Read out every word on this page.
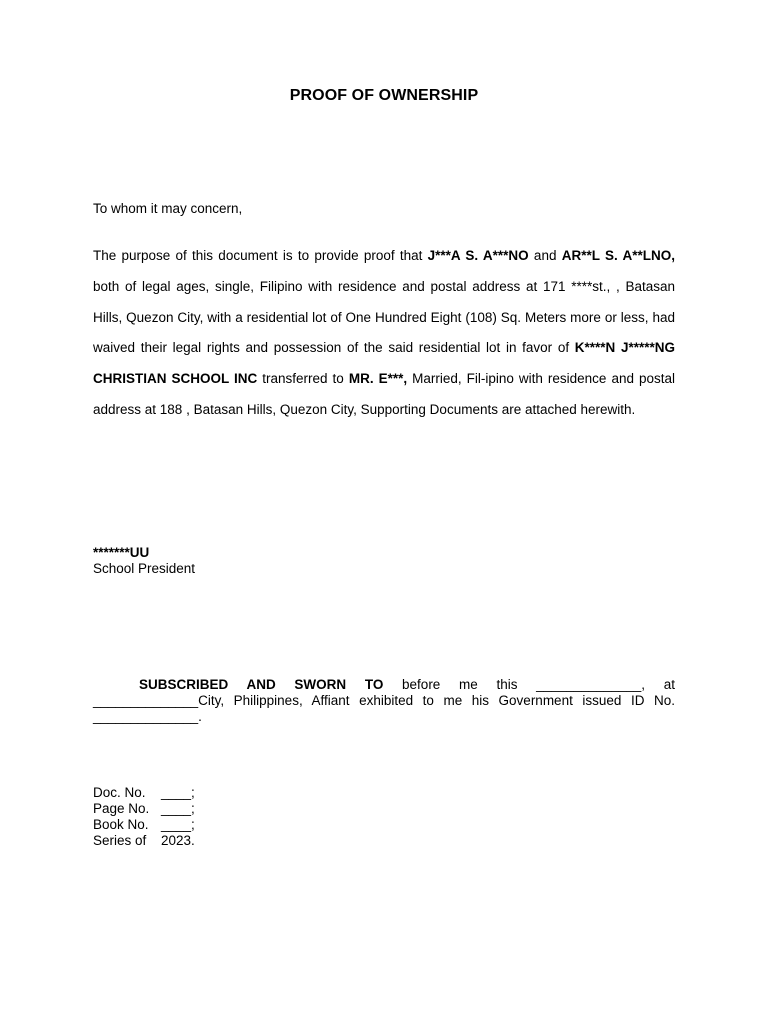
PROOF OF OWNERSHIP
To whom it may concern,
The purpose of this document is to provide proof that J***A S. A***NO and AR**L S. A**LNO, both of legal ages, single, Filipino with residence and postal address at 171 ****st., , Batasan Hills, Quezon City, with a residential lot of One Hundred Eight (108) Sq. Meters more or less, had waived their legal rights and possession of the said residential lot in favor of K****N J*****NG CHRISTIAN SCHOOL INC transferred to MR. E***, Married, Fil-ipino with residence and postal address at 188 , Batasan Hills, Quezon City, Supporting Documents are attached herewith.
*******UU
School President
SUBSCRIBED AND SWORN TO before me this ______________, at ______________City, Philippines, Affiant exhibited to me his Government issued ID No. ______________.
Doc. No.	____;
Page No. ____;
Book No. ____;
Series of	2023.
